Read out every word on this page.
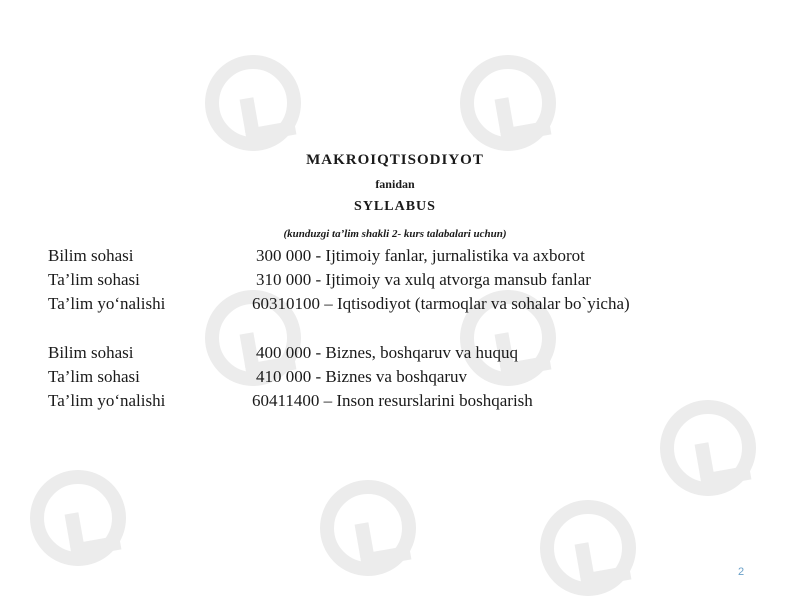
MAKROIQTISODIYOT
fanidan
SYLLABUS
(kunduzgi ta’lim shakli 2- kurs talabalari uchun)
Bilim sohasi	300 000 - Ijtimoiy fanlar, jurnalistika va axborot
Ta’lim sohasi	310 000 - Ijtimoiy va xulq atvorga mansub fanlar
Ta’lim yo‘nalishi	60310100 – Iqtisodiyot (tarmoqlar va sohalar bo`yicha)
Bilim sohasi	400 000 - Biznes, boshqaruv va huquq
Ta’lim sohasi	410 000 - Biznes va boshqaruv
Ta’lim yo‘nalishi	60411400 – Inson resurslarini boshqarish
2
